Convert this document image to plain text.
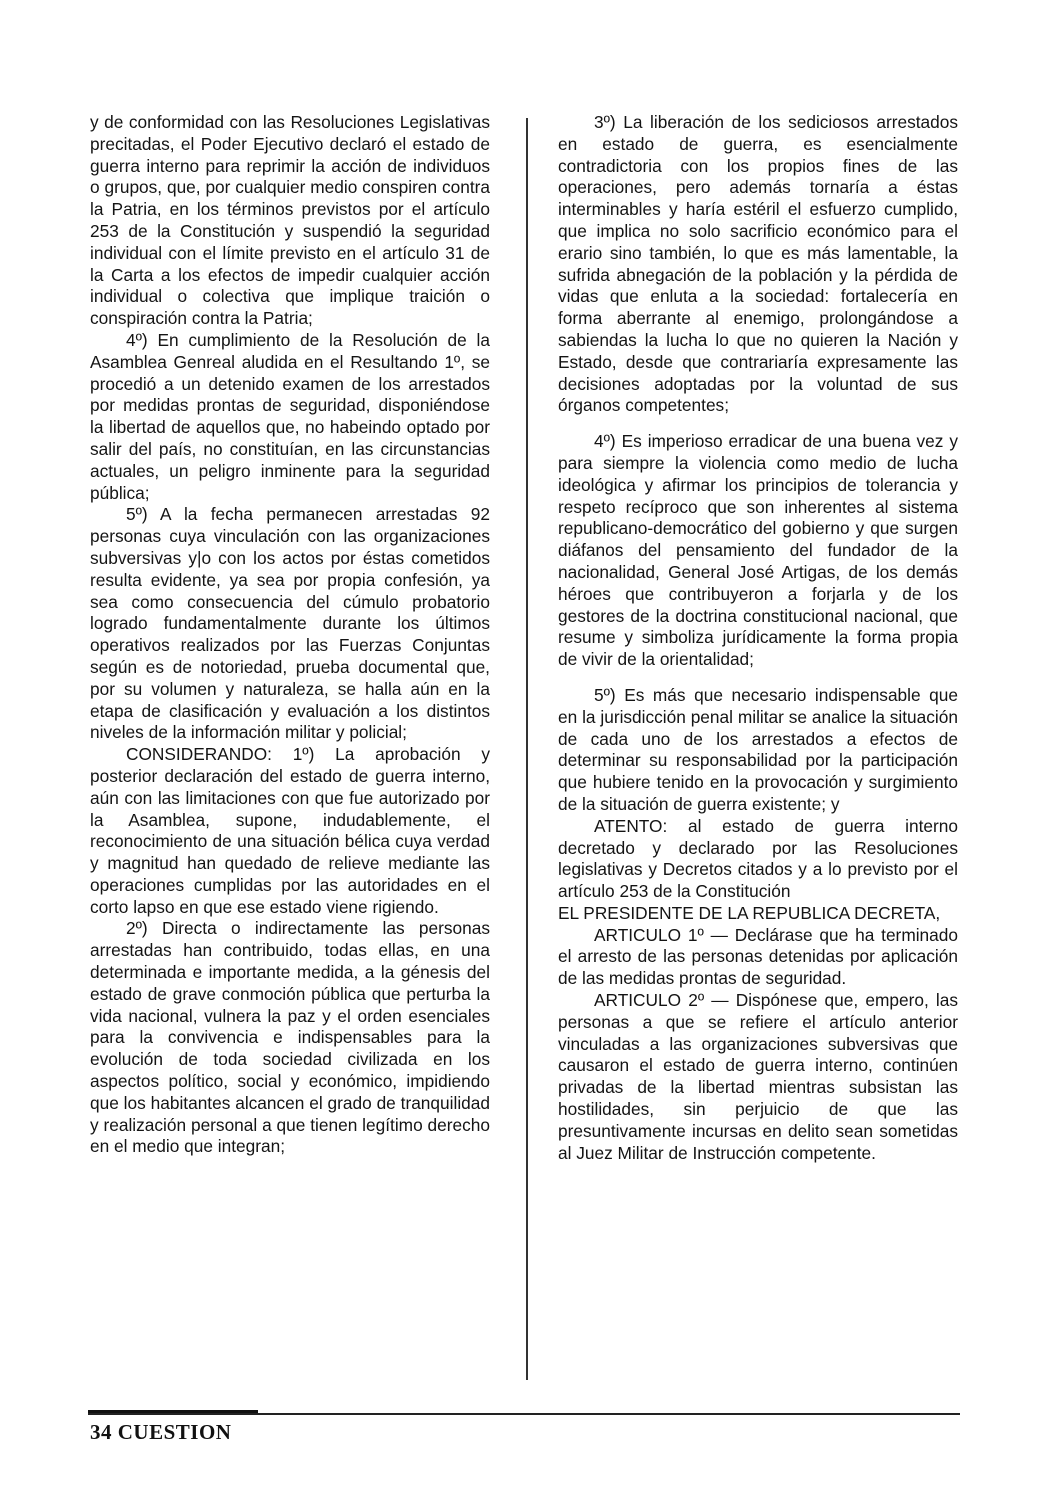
y de conformidad con las Resoluciones Legislativas precitadas, el Poder Ejecutivo declaró el estado de guerra interno para reprimir la acción de individuos o grupos, que, por cualquier medio conspiren contra la Patria, en los términos previstos por el artículo 253 de la Constitución y suspendió la seguridad individual con el límite previsto en el artículo 31 de la Carta a los efectos de impedir cualquier acción individual o colectiva que implique traición o conspiración contra la Patria;

4º) En cumplimiento de la Resolución de la Asamblea Genreal aludida en el Resultando 1º, se procedió a un detenido examen de los arrestados por medidas prontas de seguridad, disponiéndose la libertad de aquellos que, no habeindo optado por salir del país, no constituían, en las circunstancias actuales, un peligro inminente para la seguridad pública;

5º) A la fecha permanecen arrestadas 92 personas cuya vinculación con las organizaciones subversivas y|o con los actos por éstas cometidos resulta evidente, ya sea por propia confesión, ya sea como consecuencia del cúmulo probatorio logrado fundamentalmente durante los últimos operativos realizados por las Fuerzas Conjuntas según es de notoriedad, prueba documental que, por su volumen y naturaleza, se halla aún en la etapa de clasificación y evaluación a los distintos niveles de la información militar y policial;

CONSIDERANDO: 1º) La aprobación y posterior declaración del estado de guerra interno, aún con las limitaciones con que fue autorizado por la Asamblea, supone, indudablemente, el reconocimiento de una situación bélica cuya verdad y magnitud han quedado de relieve mediante las operaciones cumplidas por las autoridades en el corto lapso en que ese estado viene rigiendo.

2º) Directa o indirectamente las personas arrestadas han contribuido, todas ellas, en una determinada e importante medida, a la génesis del estado de grave conmoción pública que perturba la vida nacional, vulnera la paz y el orden esenciales para la convivencia e indispensables para la evolución de toda sociedad civilizada en los aspectos político, social y económico, impidiendo que los habitantes alcancen el grado de tranquilidad y realización personal a que tienen legítimo derecho en el medio que integran;

3º) La liberación de los sediciosos arrestados en estado de guerra, es esencialmente contradictoria con los propios fines de las operaciones, pero además tornaría a éstas interminables y haría estéril el esfuerzo cumplido, que implica no solo sacrificio económico para el erario sino también, lo que es más lamentable, la sufrida abnegación de la población y la pérdida de vidas que enluta a la sociedad: fortalecería en forma aberrante al enemigo, prolongándose a sabiendas la lucha lo que no quieren la Nación y Estado, desde que contrariaría expresamente las decisiones adoptadas por la voluntad de sus órganos competentes;

4º) Es imperioso erradicar de una buena vez y para siempre la violencia como medio de lucha ideológica y afirmar los principios de tolerancia y respeto recíproco que son inherentes al sistema republicano-democrático del gobierno y que surgen diáfanos del pensamiento del fundador de la nacionalidad, General José Artigas, de los demás héroes que contribuyeron a forjarla y de los gestores de la doctrina constitucional nacional, que resume y simboliza jurídicamente la forma propia de vivir de la orientalidad;

5º) Es más que necesario indispensable que en la jurisdicción penal militar se analice la situación de cada uno de los arrestados a efectos de determinar su responsabilidad por la participación que hubiere tenido en la provocación y surgimiento de la situación de guerra existente; y

ATENTO: al estado de guerra interno decretado y declarado por las Resoluciones legislativas y Decretos citados y a lo previsto por el artículo 253 de la Constitución

EL PRESIDENTE DE LA REPUBLICA DECRETA,

ARTICULO 1º — Declárase que ha terminado el arresto de las personas detenidas por aplicación de las medidas prontas de seguridad.

ARTICULO 2º — Dispónese que, empero, las personas a que se refiere el artículo anterior vinculadas a las organizaciones subversivas que causaron el estado de guerra interno, continúen privadas de la libertad mientras subsistan las hostilidades, sin perjuicio de que las presuntivamente incursas en delito sean sometidas al Juez Militar de Instrucción competente.

34 CUESTION
